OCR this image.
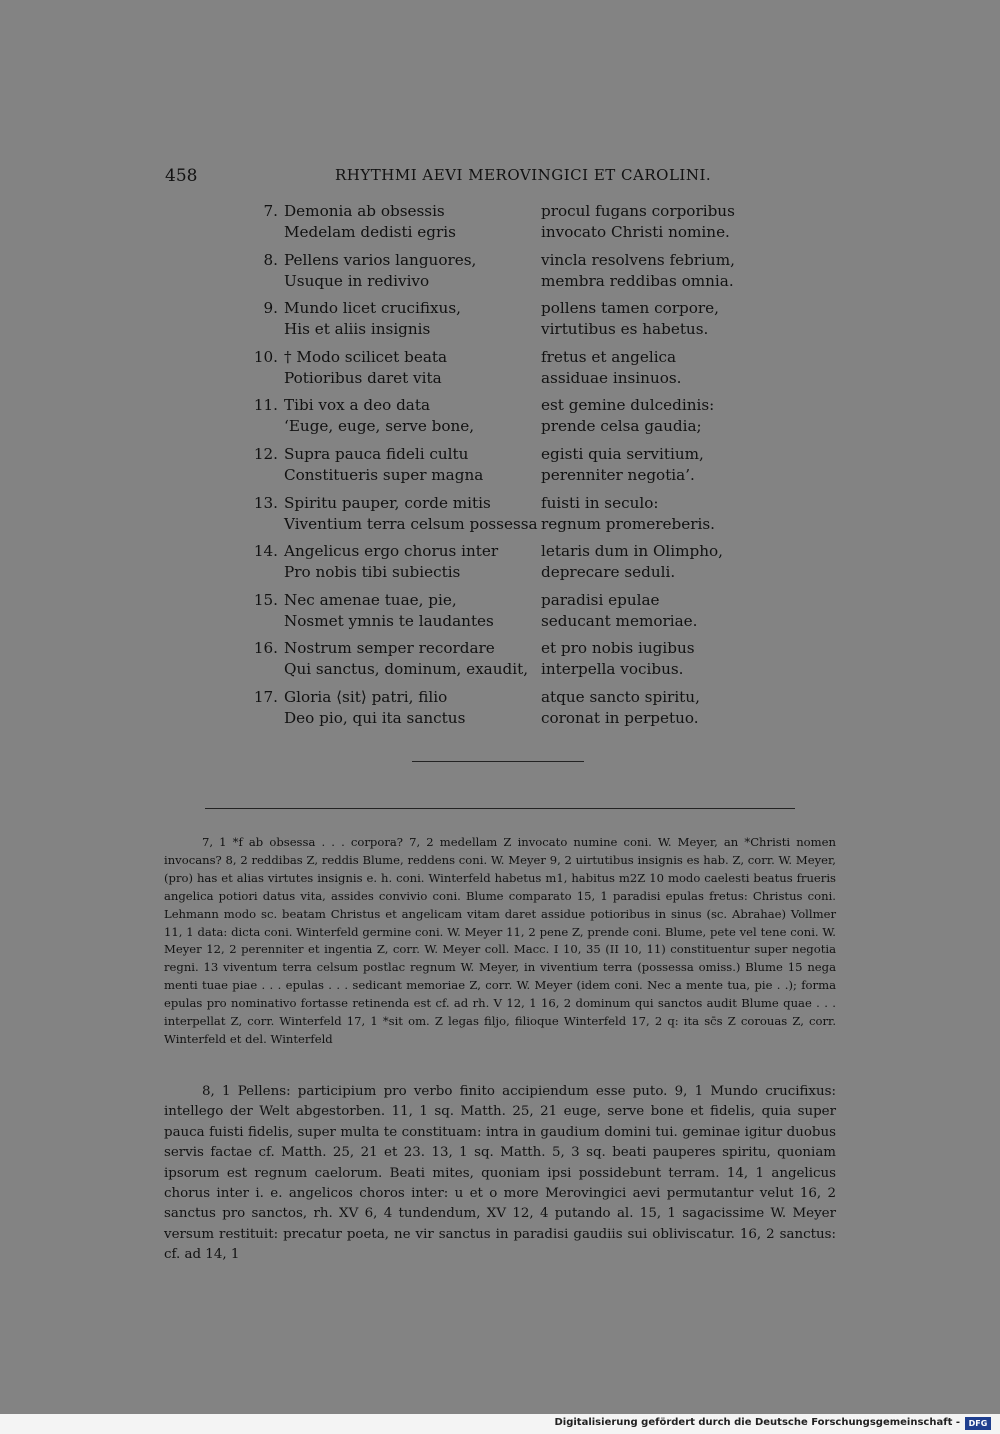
458	RHYTHMI AEVI MEROVINGICI ET CAROLINI.
7. Demonia ab obsessis
Medelam dedisti egris
procul fugans corporibus
invocato Christi nomine.
8. Pellens varios languores,
Usuque in redivivo
vincla resolvens febrium,
membra reddibas omnia.
9. Mundo licet crucifixus,
His et aliis insignis
pollens tamen corpore,
virtutibus es habetus.
10. † Modo scilicet beata
Potioribus daret vita
fretus et angelica
assiduae insinuos.
11. Tibi vox a deo data
‘Euge, euge, serve bone,
est gemine dulcedinis:
prende celsa gaudia;
12. Supra pauca fideli cultu
Constitueris super magna
egisti quia servitium,
perenniter negotia’.
13. Spiritu pauper, corde mitis
Viventium terra celsum possessa
fuisti in seculo:
regnum promereberis.
14. Angelicus ergo chorus inter
Pro nobis tibi subiectis
letaris dum in Olimpho,
deprecare seduli.
15. Nec amenae tuae, pie,
Nosmet ymnis te laudantes
paradisi epulae
seducant memoriae.
16. Nostrum semper recordare
Qui sanctus, dominum, exaudit,
et pro nobis iugibus
interpella vocibus.
17. Gloria ⟨sit⟩ patri, filio
Deo pio, qui ita sanctus
atque sancto spiritu,
coronat in perpetuo.

7, 1 *f ab obsessa . . . corpora? 7, 2 medellam Z invocato numine coni. W. Meyer, an *Christi nomen invocans? 8, 2 reddibas Z, reddis Blume, reddens coni. W. Meyer 9, 2 uirtutibus insignis es hab. Z, corr. W. Meyer, (pro) has et alias virtutes insignis e. h. coni. Winterfeld habetus m1, habitus m2Z 10 modo caelesti beatus frueris angelica potiori datus vita, assides convivio coni. Blume comparato 15, 1 paradisi epulas fretus: Christus coni. Lehmann modo sc. beatam Christus et angelicam vitam daret assidue potioribus in sinus (sc. Abrahae) Vollmer 11, 1 data: dicta coni. Winterfeld germine coni. W. Meyer 11, 2 pene Z, prende coni. Blume, pete vel tene coni. W. Meyer 12, 2 perenniter et ingentia Z, corr. W. Meyer coll. Macc. I 10, 35 (II 10, 11) constituentur super negotia regni. 13 viventum terra celsum postlac regnum W. Meyer, in viventium terra (possessa omiss.) Blume 15 nega menti tuae piae . . . epulas . . . sedicant memoriae Z, corr. W. Meyer (idem coni. Nec a mente tua, pie . .); forma epulas pro nominativo fortasse retinenda est cf. ad rh. V 12, 1 16, 2 dominum qui sanctos audit Blume quae . . . interpellat Z, corr. Winterfeld 17, 1 *sit om. Z legas filjo, filioque Winterfeld 17, 2 q: ita sc̄s Z corouas Z, corr. Winterfeld et del. Winterfeld

8, 1 Pellens: participium pro verbo finito accipiendum esse puto. 9, 1 Mundo crucifixus: intellego der Welt abgestorben. 11, 1 sq. Matth. 25, 21 euge, serve bone et fidelis, quia super pauca fuisti fidelis, super multa te constituam: intra in gaudium domini tui. geminae igitur duobus servis factae cf. Matth. 25, 21 et 23. 13, 1 sq. Matth. 5, 3 sq. beati pauperes spiritu, quoniam ipsorum est regnum caelorum. Beati mites, quoniam ipsi possidebunt terram. 14, 1 angelicus chorus inter i. e. angelicos choros inter: u et o more Merovingici aevi permutantur velut 16, 2 sanctus pro sanctos, rh. XV 6, 4 tundendum, XV 12, 4 putando al. 15, 1 sagacissime W. Meyer versum restituit: precatur poeta, ne vir sanctus in paradisi gaudiis sui obliviscatur. 16, 2 sanctus: cf. ad 14, 1

Digitalisierung gefördert durch die Deutsche Forschungsgemeinschaft -	DFG
